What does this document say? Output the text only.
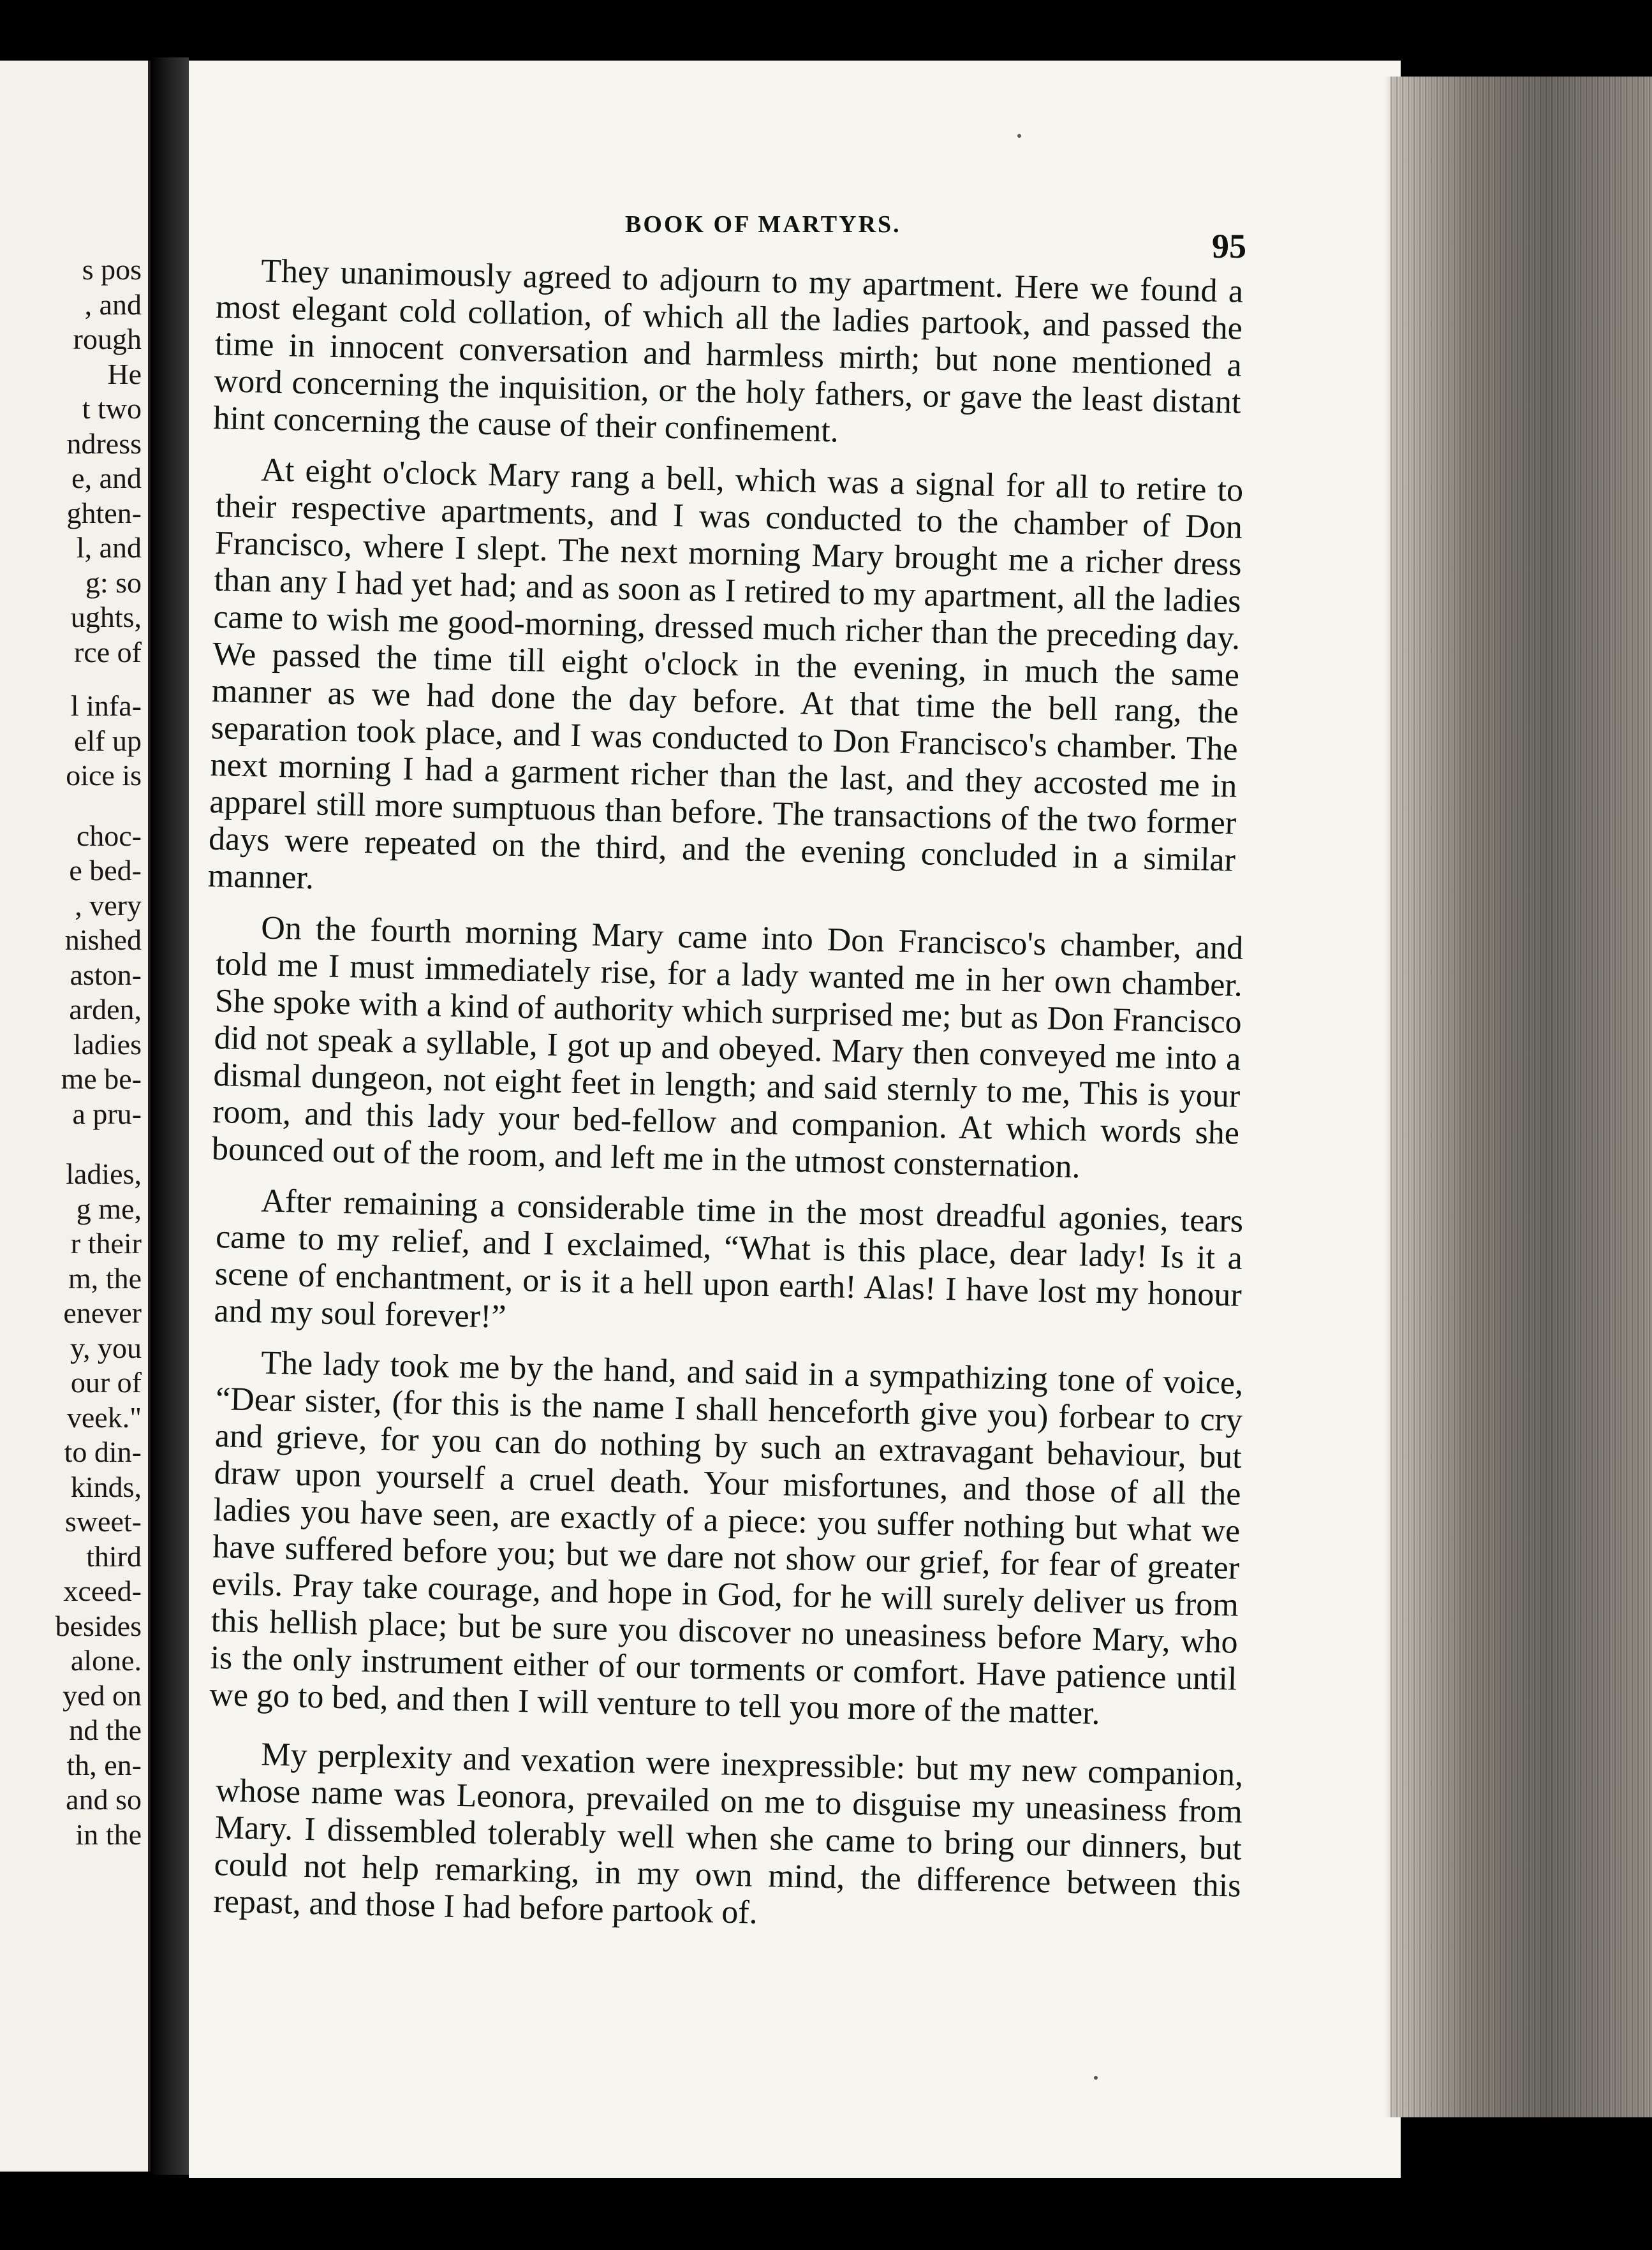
s pos

, and

rough

He

t two

ndress

e, and

ghten-

l, and

g: so

ughts,

rce of

l infa-

elf up

oice is

choc-

e bed-

, very

nished

aston-

arden,

ladies

me be-

a pru-

ladies,

g me,

r their

m, the

enever

y, you

our of

veek."

to din-

kinds,

sweet-

third

xceed-

besides

alone.

yed on

nd the

th, en-

and so

in the

BOOK OF MARTYRS.

95

They unanimously agreed to adjourn to my apartment. Here we found a most elegant cold collation, of which all the ladies partook, and passed the time in innocent conversation and harmless mirth; but none mentioned a word concerning the inquisition, or the holy fathers, or gave the least distant hint concerning the cause of their confinement.

At eight o'clock Mary rang a bell, which was a signal for all to retire to their respective apartments, and I was conducted to the chamber of Don Francisco, where I slept. The next morning Mary brought me a richer dress than any I had yet had; and as soon as I retired to my apartment, all the ladies came to wish me good-morning, dressed much richer than the preceding day. We passed the time till eight o'clock in the evening, in much the same manner as we had done the day before. At that time the bell rang, the separation took place, and I was conducted to Don Francisco's chamber. The next morning I had a garment richer than the last, and they accosted me in apparel still more sumptuous than before. The transactions of the two former days were repeated on the third, and the evening concluded in a similar manner.

On the fourth morning Mary came into Don Francisco's chamber, and told me I must immediately rise, for a lady wanted me in her own chamber. She spoke with a kind of authority which surprised me; but as Don Francisco did not speak a syllable, I got up and obeyed. Mary then conveyed me into a dismal dungeon, not eight feet in length; and said sternly to me, This is your room, and this lady your bed-fellow and companion. At which words she bounced out of the room, and left me in the utmost consternation.

After remaining a considerable time in the most dreadful agonies, tears came to my relief, and I exclaimed, “What is this place, dear lady! Is it a scene of enchantment, or is it a hell upon earth! Alas! I have lost my honour and my soul forever!”

The lady took me by the hand, and said in a sympathizing tone of voice, “Dear sister, (for this is the name I shall henceforth give you) forbear to cry and grieve, for you can do nothing by such an extravagant behaviour, but draw upon yourself a cruel death. Your misfortunes, and those of all the ladies you have seen, are exactly of a piece: you suffer nothing but what we have suffered before you; but we dare not show our grief, for fear of greater evils. Pray take courage, and hope in God, for he will surely deliver us from this hellish place; but be sure you discover no uneasiness before Mary, who is the only instrument either of our torments or comfort. Have patience until we go to bed, and then I will venture to tell you more of the matter.

My perplexity and vexation were inexpressible: but my new companion, whose name was Leonora, prevailed on me to disguise my uneasiness from Mary. I dissembled tolerably well when she came to bring our dinners, but could not help remarking, in my own mind, the difference between this repast, and those I had before partook of.
